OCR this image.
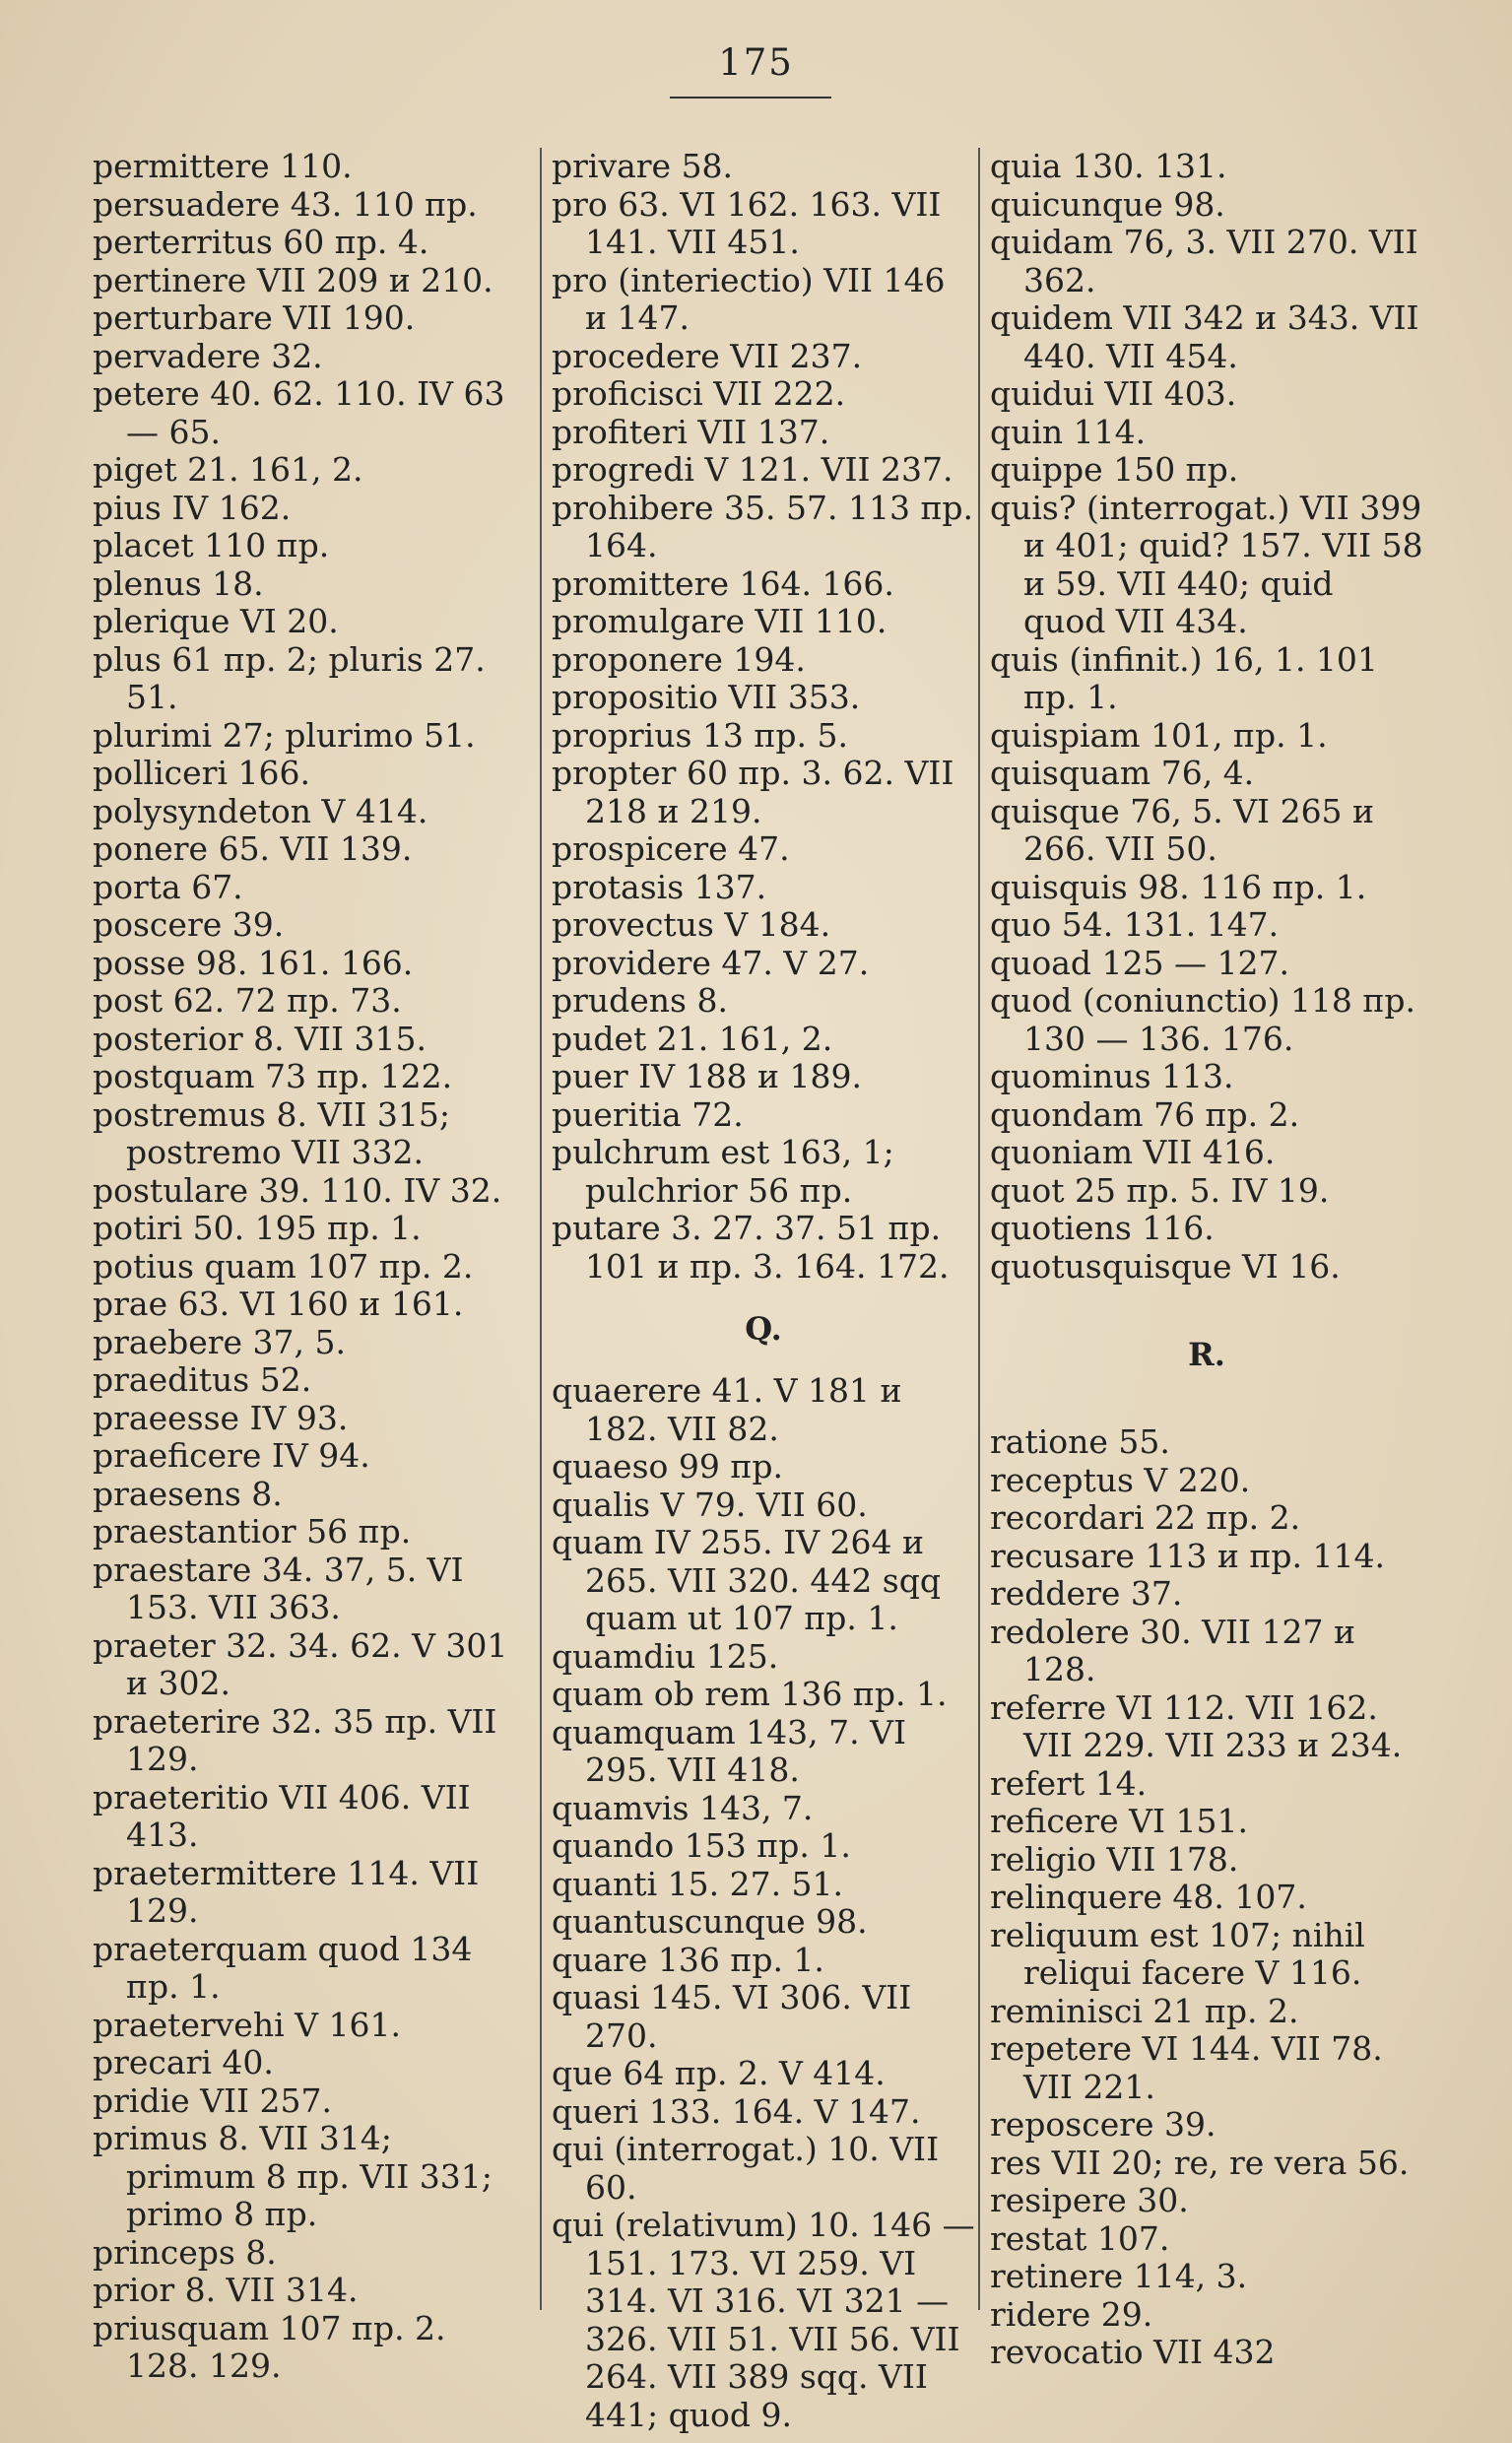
175
permittere 110.
persuadere 43. 110 пр.
perterritus 60 пр. 4.
pertinere VII 209 и 210.
perturbare VII 190.
pervadere 32.
petere 40. 62. 110. IV 63 — 65.
piget 21. 161, 2.
pius IV 162.
placet 110 пр.
plenus 18.
plerique VI 20.
plus 61 пр. 2; pluris 27. 51.
plurimi 27; plurimo 51.
polliceri 166.
polysyndeton V 414.
ponere 65. VII 139.
porta 67.
poscere 39.
posse 98. 161. 166.
post 62. 72 пр. 73.
posterior 8. VII 315.
postquam 73 пр. 122.
postremus 8. VII 315; postremo VII 332.
postulare 39. 110. IV 32.
potiri 50. 195 пр. 1.
potius quam 107 пр. 2.
prae 63. VI 160 и 161.
praebere 37, 5.
praeditus 52.
praeesse IV 93.
praeficere IV 94.
praesens 8.
praestantior 56 пр.
praestare 34. 37, 5. VI 153. VII 363.
praeter 32. 34. 62. V 301 и 302.
praeterire 32. 35 пр. VII 129.
praeteritio VII 406. VII 413.
praetermittere 114. VII 129.
praeterquam quod 134 пр. 1.
praetervehi V 161.
precari 40.
pridie VII 257.
primus 8. VII 314; primum 8 пр. VII 331; primo 8 пр.
princeps 8.
prior 8. VII 314.
priusquam 107 пр. 2. 128. 129.
privare 58.
pro 63. VI 162. 163. VII 141. VII 451.
pro (interiectio) VII 146 и 147.
procedere VII 237.
proficisci VII 222.
profiteri VII 137.
progredi V 121. VII 237.
prohibere 35. 57. 113 пр. 164.
promittere 164. 166.
promulgare VII 110.
proponere 194.
propositio VII 353.
proprius 13 пр. 5.
propter 60 пр. 3. 62. VII 218 и 219.
prospicere 47.
protasis 137.
provectus V 184.
providere 47. V 27.
prudens 8.
pudet 21. 161, 2.
puer IV 188 и 189.
pueritia 72.
pulchrum est 163, 1; pulchrior 56 пр.
putare 3. 27. 37. 51 пр. 101 и пр. 3. 164. 172.
Q.
quaerere 41. V 181 и 182. VII 82.
quaeso 99 пр.
qualis V 79. VII 60.
quam IV 255. IV 264 и 265. VII 320. 442 sqq quam ut 107 пр. 1.
quamdiu 125.
quam ob rem 136 пр. 1.
quamquam 143, 7. VI 295. VII 418.
quamvis 143, 7.
quando 153 пр. 1.
quanti 15. 27. 51.
quantuscunque 98.
quare 136 пр. 1.
quasi 145. VI 306. VII 270.
que 64 пр. 2. V 414.
queri 133. 164. V 147.
qui (interrogat.) 10. VII 60.
qui (relativum) 10. 146 — 151. 173. VI 259. VI 314. VI 316. VI 321 — 326. VII 51. VII 56. VII 264. VII 389 sqq. VII 441; quod 9.
quia 130. 131.
quicunque 98.
quidam 76, 3. VII 270. VII 362.
quidem VII 342 и 343. VII 440. VII 454.
quidui VII 403.
quin 114.
quippe 150 пр.
quis? (interrogat.) VII 399 и 401; quid? 157. VII 58 и 59. VII 440; quid quod VII 434.
quis (infinit.) 16, 1. 101 пр. 1.
quispiam 101, пр. 1.
quisquam 76, 4.
quisque 76, 5. VI 265 и 266. VII 50.
quisquis 98. 116 пр. 1.
quo 54. 131. 147.
quoad 125 — 127.
quod (coniunctio) 118 пр. 130 — 136. 176.
quominus 113.
quondam 76 пр. 2.
quoniam VII 416.
quot 25 пр. 5. IV 19.
quotiens 116.
quotusquisque VI 16.
R.
ratione 55.
receptus V 220.
recordari 22 пр. 2.
recusare 113 и пр. 114.
reddere 37.
redolere 30. VII 127 и 128.
referre VI 112. VII 162. VII 229. VII 233 и 234.
refert 14.
reficere VI 151.
religio VII 178.
relinquere 48. 107.
reliquum est 107; nihil reliqui facere V 116.
reminisci 21 пр. 2.
repetere VI 144. VII 78. VII 221.
reposcere 39.
res VII 20; re, re vera 56.
resipere 30.
restat 107.
retinere 114, 3.
ridere 29.
revocatio VII 432
